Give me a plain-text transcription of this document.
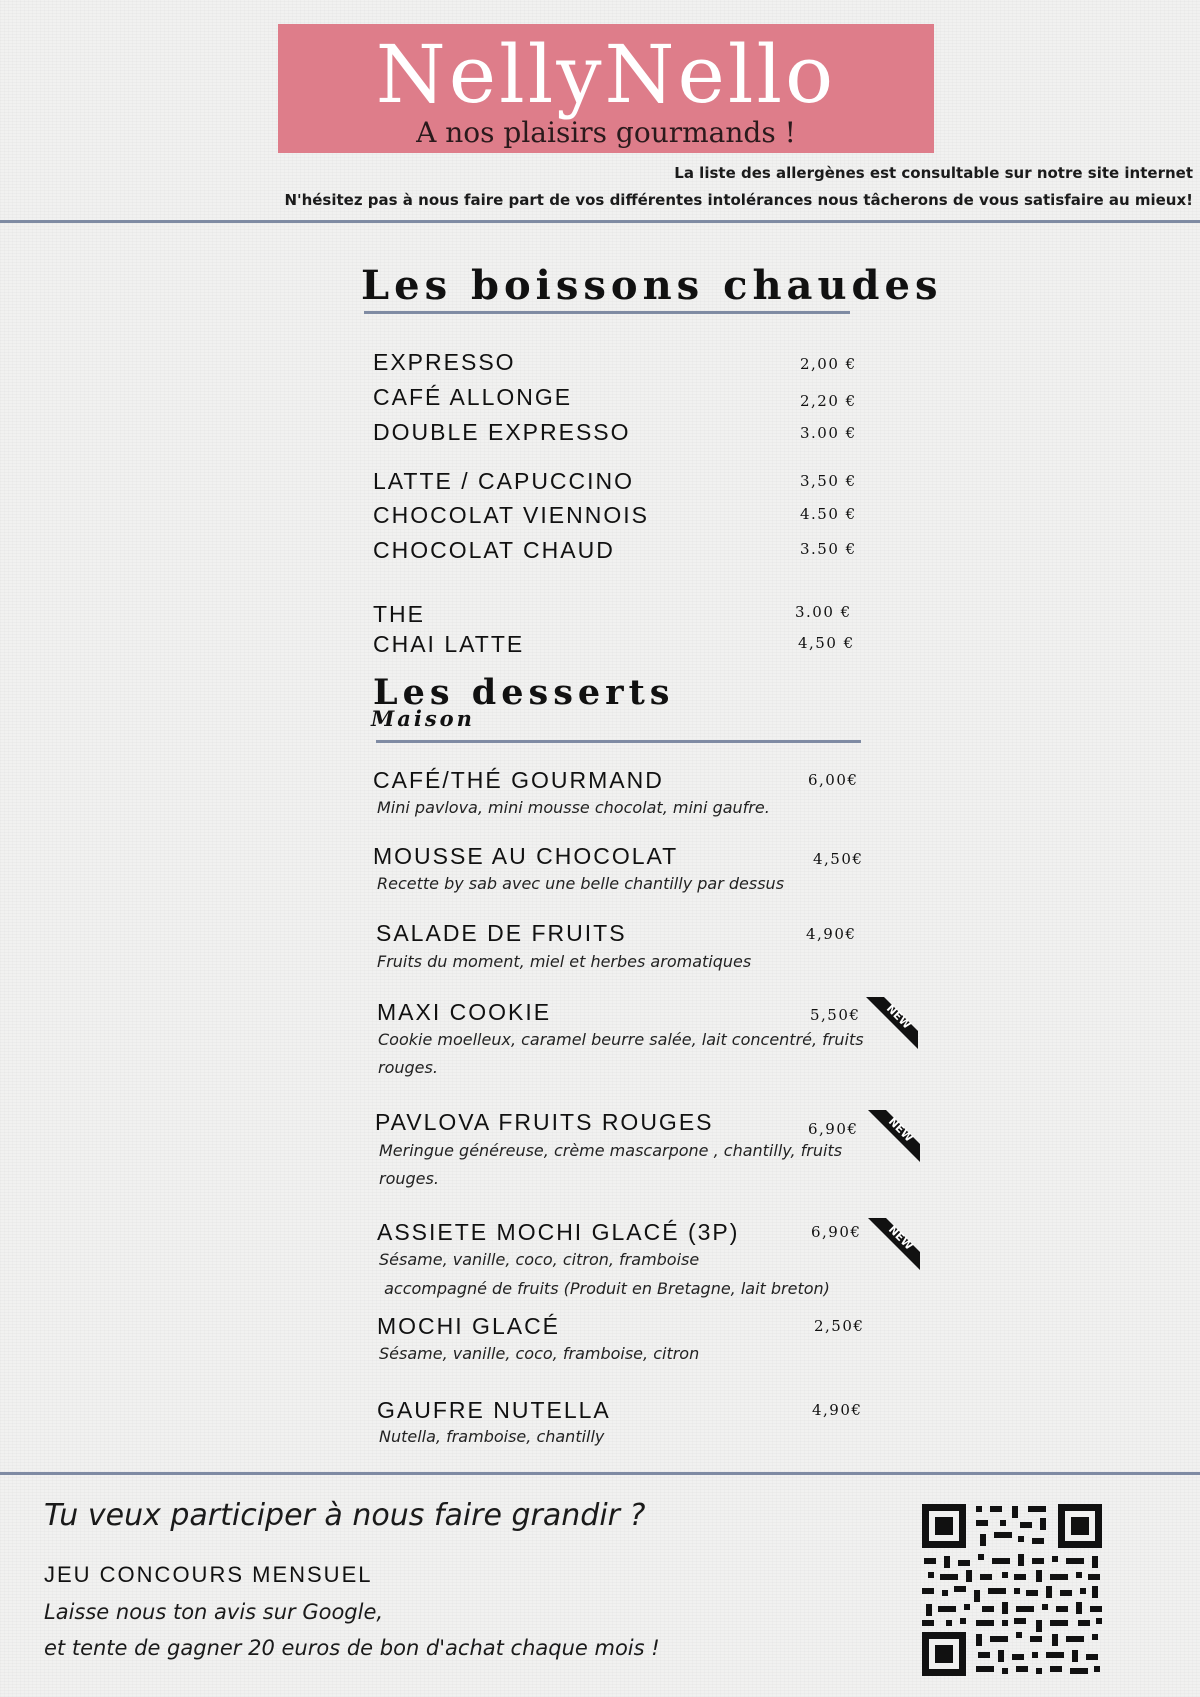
NellyNello
A nos plaisirs gourmands !
La liste des allergènes est consultable sur notre site internet
N'hésitez pas à nous faire part de vos différentes intolérances nous tâcherons de vous satisfaire au mieux!
Les boissons chaudes
EXPRESSO	2,00 €
CAFÉ ALLONGE	2,20 €
DOUBLE EXPRESSO	3.00 €
LATTE / CAPUCCINO	3,50 €
CHOCOLAT VIENNOIS	4.50 €
CHOCOLAT CHAUD	3.50 €
THE	3.00 €
CHAI LATTE	4,50 €
Les desserts
Maison
CAFÉ/THÉ GOURMAND	6,00€
Mini pavlova, mini mousse chocolat, mini gaufre.
MOUSSE AU CHOCOLAT	4,50€
Recette by sab avec une belle chantilly par dessus
SALADE DE FRUITS	4,90€
Fruits du moment, miel et herbes aromatiques
MAXI COOKIE	5,50€
Cookie moelleux, caramel beurre salée, lait concentré, fruits rouges.
NEW
PAVLOVA FRUITS ROUGES	6,90€
Meringue généreuse, crème mascarpone , chantilly, fruits rouges.
NEW
ASSIETE MOCHI GLACÉ (3P)	6,90€
Sésame, vanille, coco, citron, framboise
accompagné de fruits (Produit en Bretagne, lait breton)
NEW
MOCHI GLACÉ	2,50€
Sésame, vanille, coco, framboise, citron
GAUFRE NUTELLA	4,90€
Nutella, framboise, chantilly
Tu veux participer à nous faire grandir ?
JEU CONCOURS MENSUEL
Laisse nous ton avis sur Google,
et tente de gagner 20 euros de bon d'achat chaque mois !
